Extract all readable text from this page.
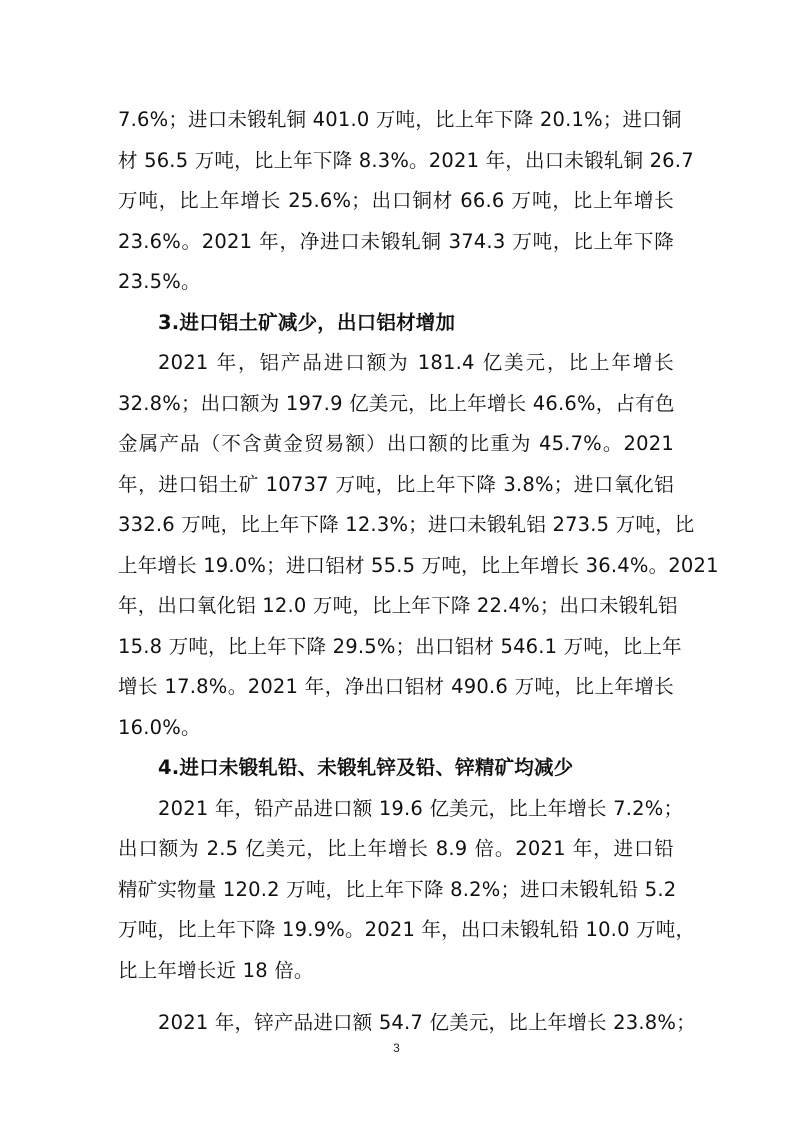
7.6%；进口未锻轧铜 401.0 万吨，比上年下降 20.1%；进口铜
材 56.5 万吨，比上年下降 8.3%。2021 年，出口未锻轧铜 26.7
万吨，比上年增长 25.6%；出口铜材 66.6 万吨，比上年增长
23.6%。2021 年，净进口未锻轧铜 374.3 万吨，比上年下降
23.5%。
3.进口铝土矿减少，出口铝材增加
2021 年，铝产品进口额为 181.4 亿美元，比上年增长
32.8%；出口额为 197.9 亿美元，比上年增长 46.6%，占有色
金属产品（不含黄金贸易额）出口额的比重为 45.7%。2021
年，进口铝土矿 10737 万吨，比上年下降 3.8%；进口氧化铝
332.6 万吨，比上年下降 12.3%；进口未锻轧铝 273.5 万吨，比
上年增长 19.0%；进口铝材 55.5 万吨，比上年增长 36.4%。2021
年，出口氧化铝 12.0 万吨，比上年下降 22.4%；出口未锻轧铝
15.8 万吨，比上年下降 29.5%；出口铝材 546.1 万吨，比上年
增长 17.8%。2021 年，净出口铝材 490.6 万吨，比上年增长
16.0%。
4.进口未锻轧铅、未锻轧锌及铅、锌精矿均减少
2021 年，铅产品进口额 19.6 亿美元，比上年增长 7.2%；
出口额为 2.5 亿美元，比上年增长 8.9 倍。2021 年，进口铅
精矿实物量 120.2 万吨，比上年下降 8.2%；进口未锻轧铅 5.2
万吨，比上年下降 19.9%。2021 年，出口未锻轧铅 10.0 万吨，
比上年增长近 18 倍。
2021 年，锌产品进口额 54.7 亿美元，比上年增长 23.8%；
3
